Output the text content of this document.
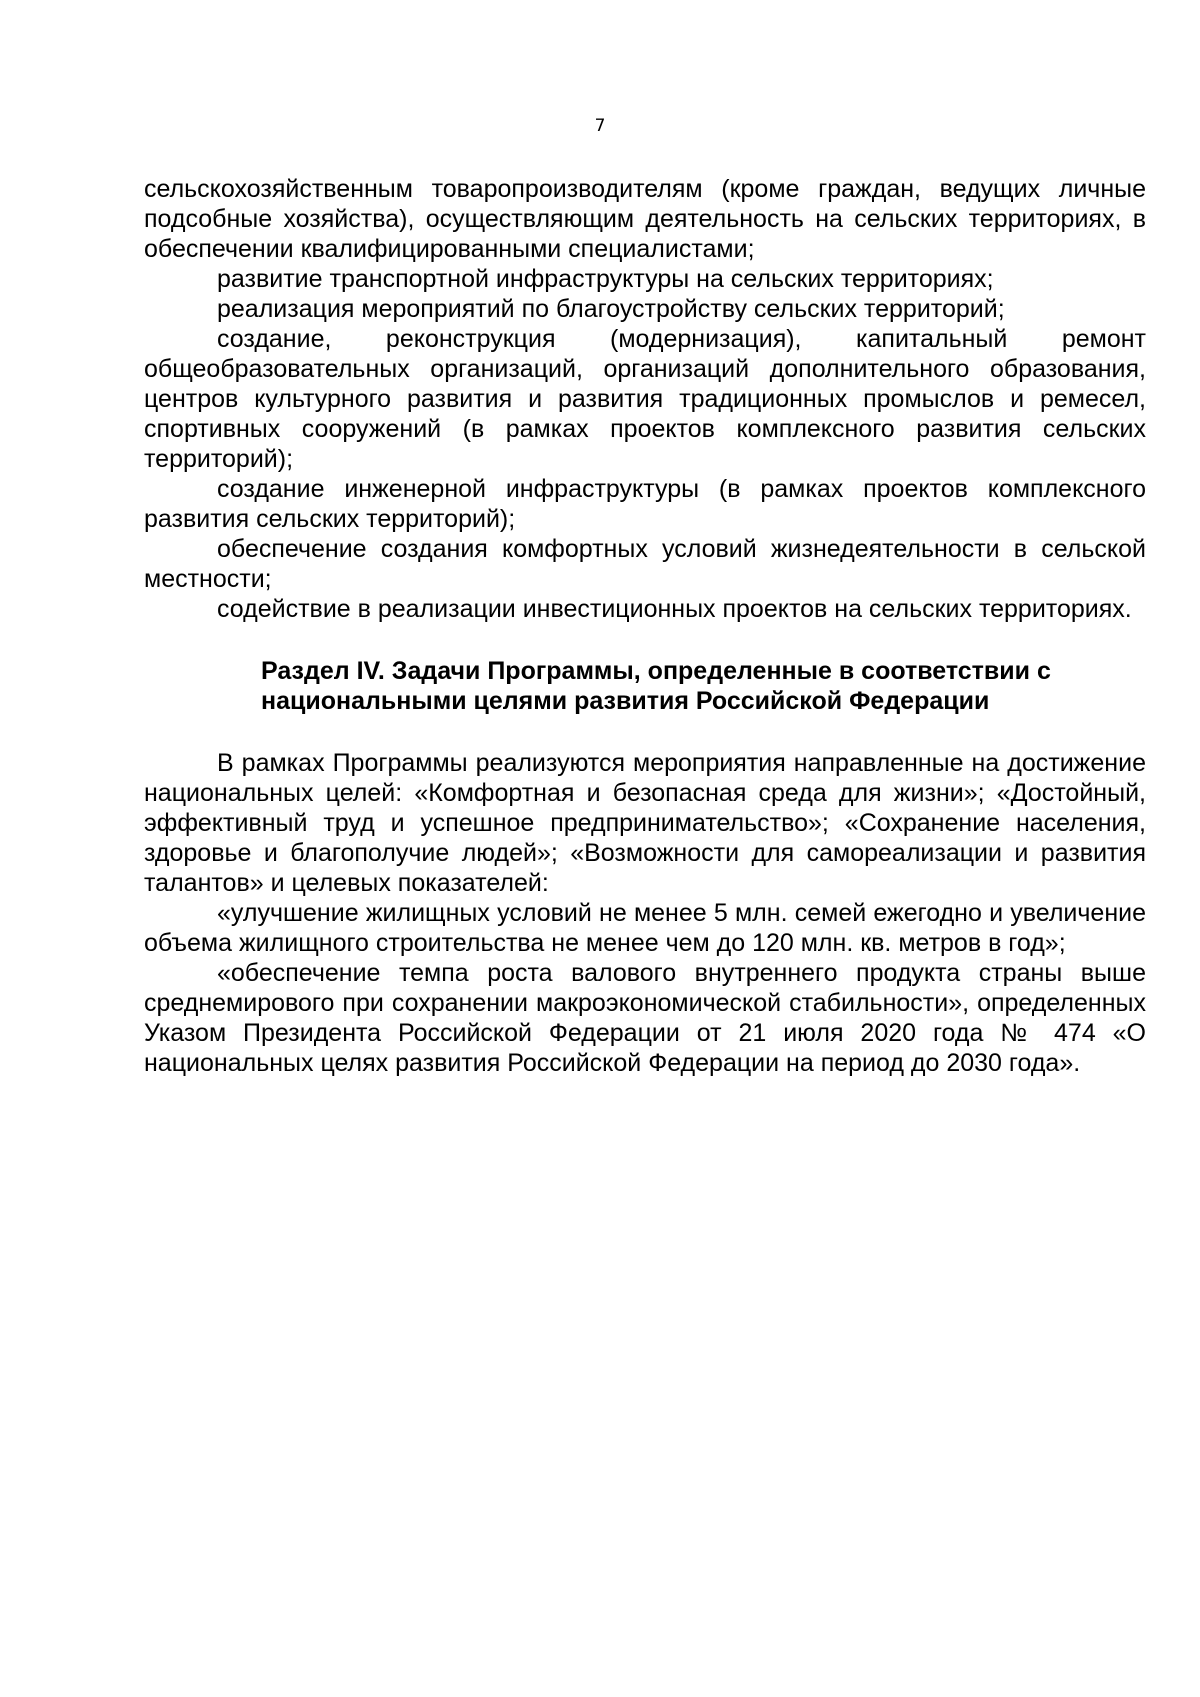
7

сельскохозяйственным товаропроизводителям (кроме граждан, ведущих личные подсобные хозяйства), осуществляющим деятельность на сельских территориях, в обеспечении квалифицированными специалистами;

развитие транспортной инфраструктуры на сельских территориях;

реализация мероприятий по благоустройству сельских территорий;

создание, реконструкция (модернизация), капитальный ремонт общеобразовательных организаций, организаций дополнительного образования, центров культурного развития и развития традиционных промыслов и ремесел, спортивных сооружений (в рамках проектов комплексного развития сельских территорий);

создание инженерной инфраструктуры (в рамках проектов комплексного развития сельских территорий);

обеспечение создания комфортных условий жизнедеятельности в сельской местности;

содействие в реализации инвестиционных проектов на сельских территориях.

Раздел IV. Задачи Программы, определенные в соответствии с
национальными целями развития Российской Федерации

В рамках Программы реализуются мероприятия направленные на достижение национальных целей: «Комфортная и безопасная среда для жизни»; «Достойный, эффективный труд и успешное предпринимательство»; «Сохранение населения, здоровье и благополучие людей»; «Возможности для самореализации и развития талантов» и целевых показателей:

«улучшение жилищных условий не менее 5 млн. семей ежегодно и увеличение объема жилищного строительства не менее чем до 120 млн. кв. метров в год»;

«обеспечение темпа роста валового внутреннего продукта страны выше среднемирового при сохранении макроэкономической стабильности», определенных Указом Президента Российской Федерации от 21 июля 2020 года № 474 «О национальных целях развития Российской Федерации на период до 2030 года».
